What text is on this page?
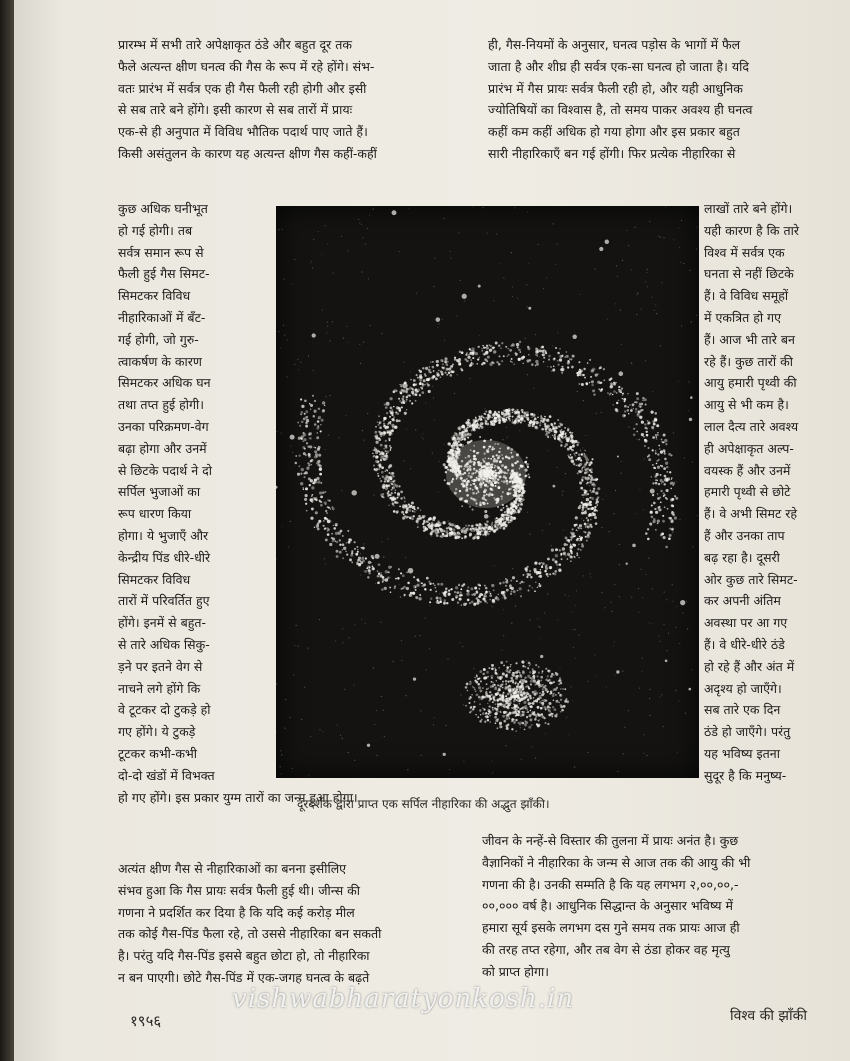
प्रारम्भ में सभी तारे अपेक्षाकृत ठंडे और बहुत दूर तक
फैले अत्यन्त क्षीण घनत्व की गैस के रूप में रहे होंगे। संभ-
वतः प्रारंभ में सर्वत्र एक ही गैस फैली रही होगी और इसी
से सब तारे बने होंगे। इसी कारण से सब तारों में प्रायः
एक-से ही अनुपात में विविध भौतिक पदार्थ पाए जाते हैं।
किसी असंतुलन के कारण यह अत्यन्त क्षीण गैस कहीं-कहीं
कुछ अधिक घनीभूत
हो गई होगी। तब
सर्वत्र समान रूप से
फैली हुई गैस सिमट-
सिमटकर विविध
नीहारिकाओं में बँट-
गई होगी, जो गुरु-
त्वाकर्षण के कारण
सिमटकर अधिक घन
तथा तप्त हुई होगी।
उनका परिक्रमण-वेग
बढ़ा होगा और उनमें
से छिटके पदार्थ ने दो
सर्पिल भुजाओं का
रूप धारण किया
होगा। ये भुजाएँ और
केन्द्रीय पिंड धीरे-धीरे
सिमटकर विविध
तारों में परिवर्तित हुए
होंगे। इनमें से बहुत-
से तारे अधिक सिकु-
ड़ने पर इतने वेग से
नाचने लगे होंगे कि
वे टूटकर दो टुकड़े हो
गए होंगे। ये टुकड़े
टूटकर कभी-कभी
दो-दो खंडों में विभक्त
हो गए होंगे। इस प्रकार युग्म तारों का जन्म हुआ होगा।
अत्यंत क्षीण गैस से नीहारिकाओं का बनना इसीलिए
संभव हुआ कि गैस प्रायः सर्वत्र फैली हुई थी। जीन्स की
गणना ने प्रदर्शित कर दिया है कि यदि कई करोड़ मील
तक कोई गैस-पिंड फैला रहे, तो उससे नीहारिका बन सकती
है। परंतु यदि गैस-पिंड इससे बहुत छोटा हो, तो नीहारिका
न बन पाएगी। छोटे गैस-पिंड में एक-जगह घनत्व के बढ़ते
ही, गैस-नियमों के अनुसार, घनत्व पड़ोस के भागों में फैल
जाता है और शीघ्र ही सर्वत्र एक-सा घनत्व हो जाता है। यदि
प्रारंभ में गैस प्रायः सर्वत्र फैली रही हो, और यही आधुनिक
ज्योतिषियों का विश्वास है, तो समय पाकर अवश्य ही घनत्व
कहीं कम कहीं अधिक हो गया होगा और इस प्रकार बहुत
सारी नीहारिकाएँ बन गई होंगी। फिर प्रत्येक नीहारिका से
लाखों तारे बने होंगे।
यही कारण है कि तारे
विश्व में सर्वत्र एक
घनता से नहीं छिटके
हैं। वे विविध समूहों
में एकत्रित हो गए
हैं। आज भी तारे बन
रहे हैं। कुछ तारों की
आयु हमारी पृथ्वी की
आयु से भी कम है।
लाल दैत्य तारे अवश्य
ही अपेक्षाकृत अल्प-
वयस्क हैं और उनमें
हमारी पृथ्वी से छोटे
हैं। वे अभी सिमट रहे
हैं और उनका ताप
बढ़ रहा है। दूसरी
ओर कुछ तारे सिमट-
कर अपनी अंतिम
अवस्था पर आ गए
हैं। वे धीरे-धीरे ठंडे
हो रहे हैं और अंत में
अदृश्य हो जाएँगे।
सब तारे एक दिन
ठंडे हो जाएँगे। परंतु
यह भविष्य इतना
सुदूर है कि मनुष्य-
जीवन के नन्हें-से विस्तार की तुलना में प्रायः अनंत है। कुछ
वैज्ञानिकों ने नीहारिका के जन्म से आज तक की आयु की भी
गणना की है। उनकी सम्मति है कि यह लगभग २,००,००,-
००,००० वर्ष है। आधुनिक सिद्धान्त के अनुसार भविष्य में
हमारा सूर्य इसके लगभग दस गुने समय तक प्रायः आज ही
की तरह तप्त रहेगा, और तब वेग से ठंडा होकर वह मृत्यु
को प्राप्त होगा।
दूरदर्शक द्वारा प्राप्त एक सर्पिल नीहारिका की अद्भुत झाँकी।
१९५६	विश्व की झाँकी
vishwabharatyonkosh.in
